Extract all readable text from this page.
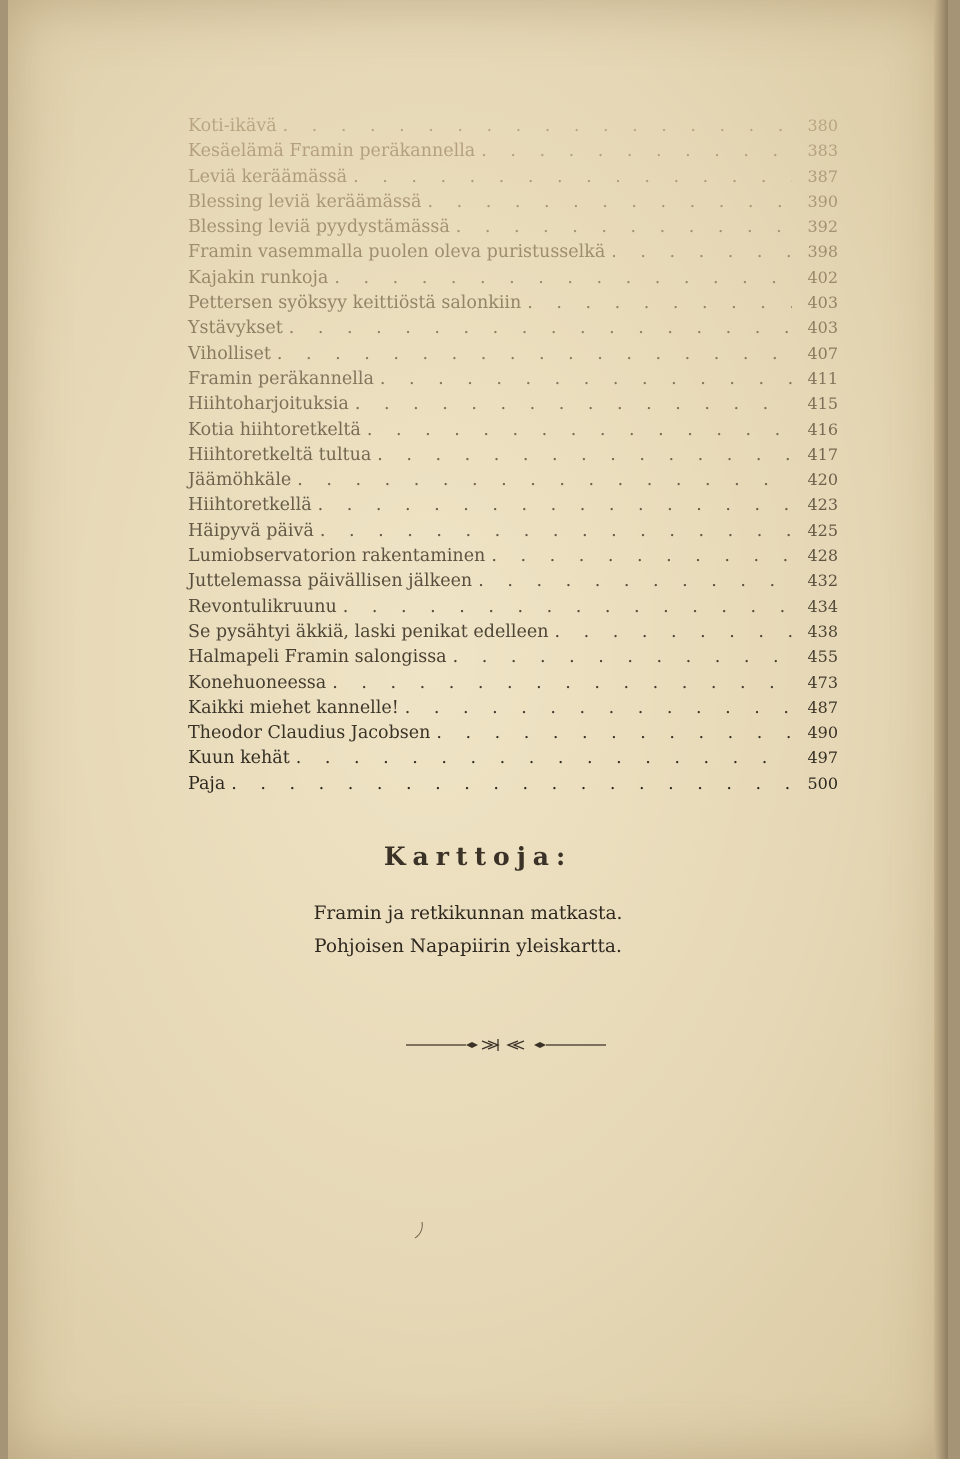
Koti-ikävä . . .	380
Kesäelämä Framin peräkannella . . .	383
Leviä keräämässä . . .	387
Blessing leviä keräämässä . . .	390
Blessing leviä pyydystämässä . . .	392
Framin vasemmalla puolen oleva puristusselkä . . .	398
Kajakin runkoja . . .	402
Pettersen syöksyy keittiöstä salonkiin . . .	403
Ystävykset . . .	403
Viholliset . . .	407
Framin peräkannella . . .	411
Hiihtoharjoituksia . . .	415
Kotia hiihtoretkeltä . . .	416
Hiihtoretkeltä tultua . . .	417
Jäämöhkäle . . .	420
Hiihtoretkellä . . .	423
Häipyvä päivä . . .	425
Lumiobservatorion rakentaminen . . .	428
Juttelemassa päivällisen jälkeen . . .	432
Revontulikruunu . . .	434
Se pysähtyi äkkiä, laski penikat edelleen . . .	438
Halmapeli Framin salongissa . . .	455
Konehuoneessa . . .	473
Kaikki miehet kannelle! . . .	487
Theodor Claudius Jacobsen . . .	490
Kuun kehät . . .	497
Paja . . .	500
Karttoja:
Framin ja retkikunnan matkasta.
Pohjoisen Napapiirin yleiskartta.
